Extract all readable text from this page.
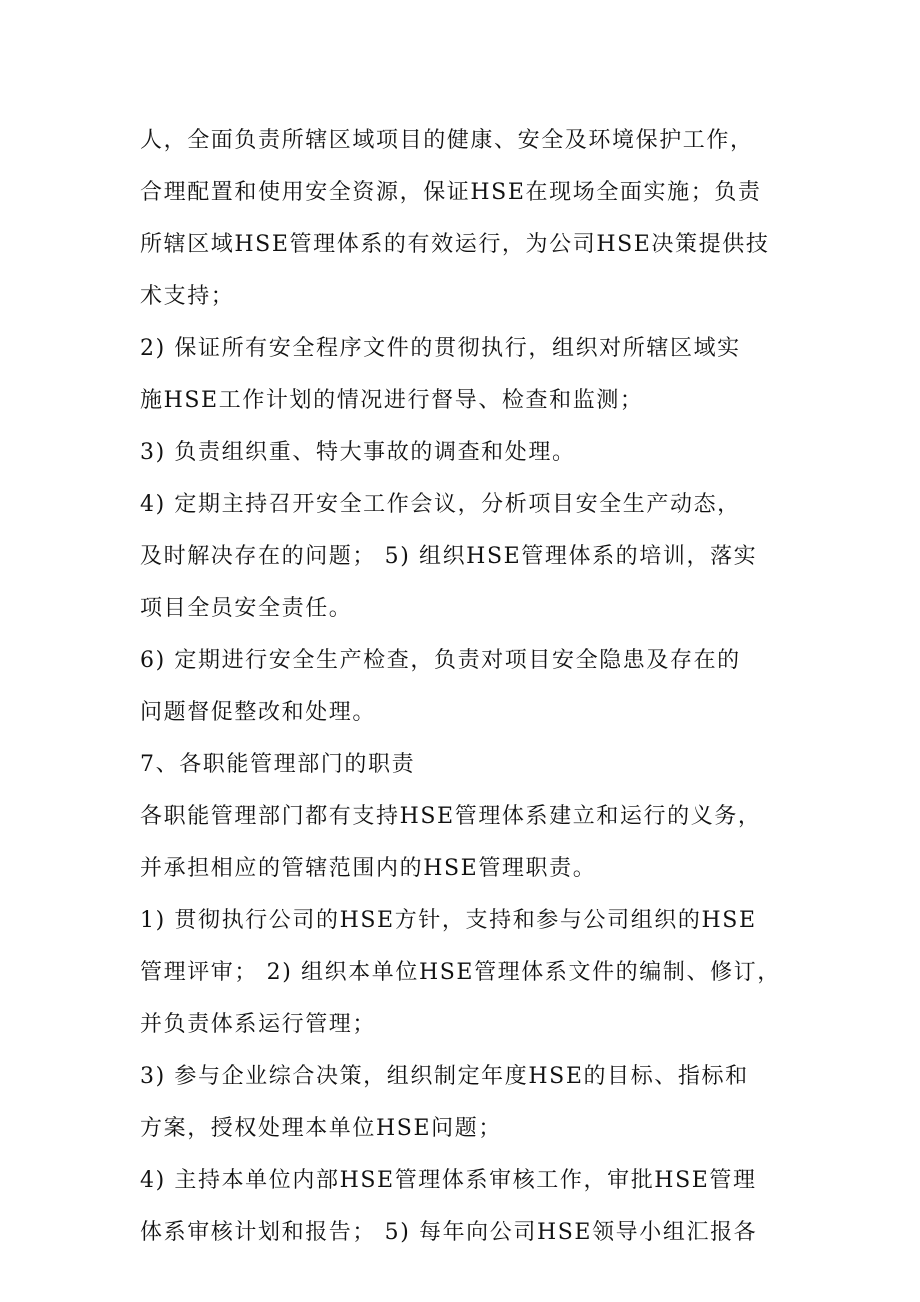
人，全面负责所辖区域项目的健康、安全及环境保护工作，
合理配置和使用安全资源，保证HSE在现场全面实施；负责
所辖区域HSE管理体系的有效运行，为公司HSE决策提供技
术支持；
2) 保证所有安全程序文件的贯彻执行，组织对所辖区域实
施HSE工作计划的情况进行督导、检查和监测；
3) 负责组织重、特大事故的调查和处理。
4) 定期主持召开安全工作会议，分析项目安全生产动态，
及时解决存在的问题； 5) 组织HSE管理体系的培训，落实
项目全员安全责任。
6) 定期进行安全生产检查，负责对项目安全隐患及存在的
问题督促整改和处理。
7、各职能管理部门的职责
各职能管理部门都有支持HSE管理体系建立和运行的义务，
并承担相应的管辖范围内的HSE管理职责。
1) 贯彻执行公司的HSE方针，支持和参与公司组织的HSE
管理评审； 2) 组织本单位HSE管理体系文件的编制、修订，
并负责体系运行管理；
3) 参与企业综合决策，组织制定年度HSE的目标、指标和
方案，授权处理本单位HSE问题；
4) 主持本单位内部HSE管理体系审核工作，审批HSE管理
体系审核计划和报告； 5) 每年向公司HSE领导小组汇报各
